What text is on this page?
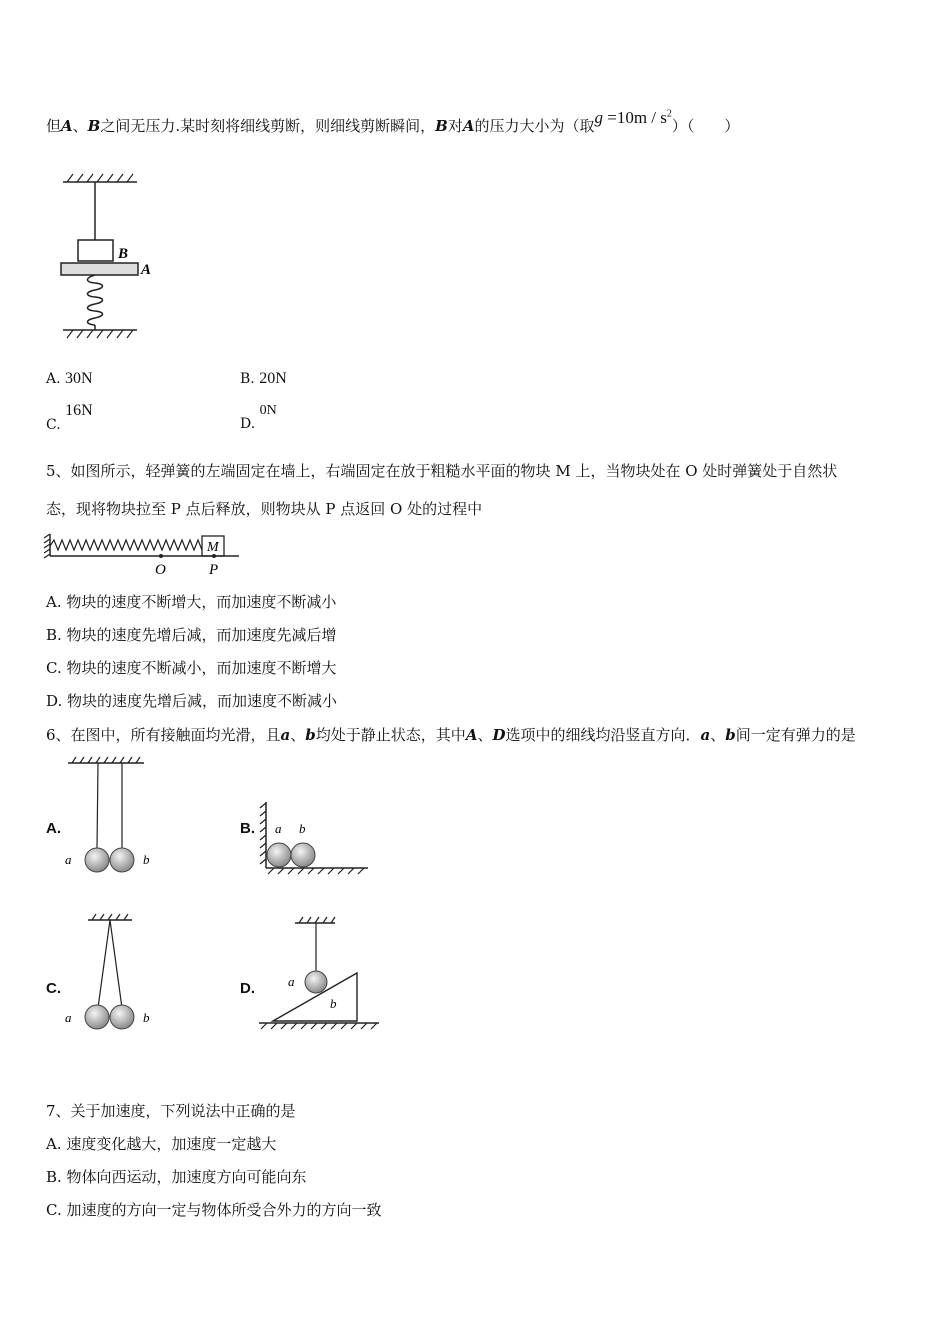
但A、B之间无压力.某时刻将细线剪断，则细线剪断瞬间，B对A的压力大小为（取$g =10m / s^2$）（　　）
B
A
A. 30N	B. 20N
C. 16N
D. 0N
5、如图所示，轻弹簧的左端固定在墙上，右端固定在放于粗糙水平面的物块 M 上，当物块处在 O 处时弹簧处于自然状
态，现将物块拉至 P 点后释放，则物块从 P 点返回 O 处的过程中
M
O	P
A. 物块的速度不断增大，而加速度不断减小
B. 物块的速度先增后减，而加速度先减后增
C. 物块的速度不断减小，而加速度不断增大
D. 物块的速度先增后减，而加速度不断减小
6、在图中，所有接触面均光滑，且a、b均处于静止状态，其中A、D选项中的细线均沿竖直方向．a、b间一定有弹力的是
A.	B.
C.	D.
a	b
a b
a	b
a
b
7、关于加速度，下列说法中正确的是
A. 速度变化越大，加速度一定越大
B. 物体向西运动，加速度方向可能向东
C. 加速度的方向一定与物体所受合外力的方向一致
